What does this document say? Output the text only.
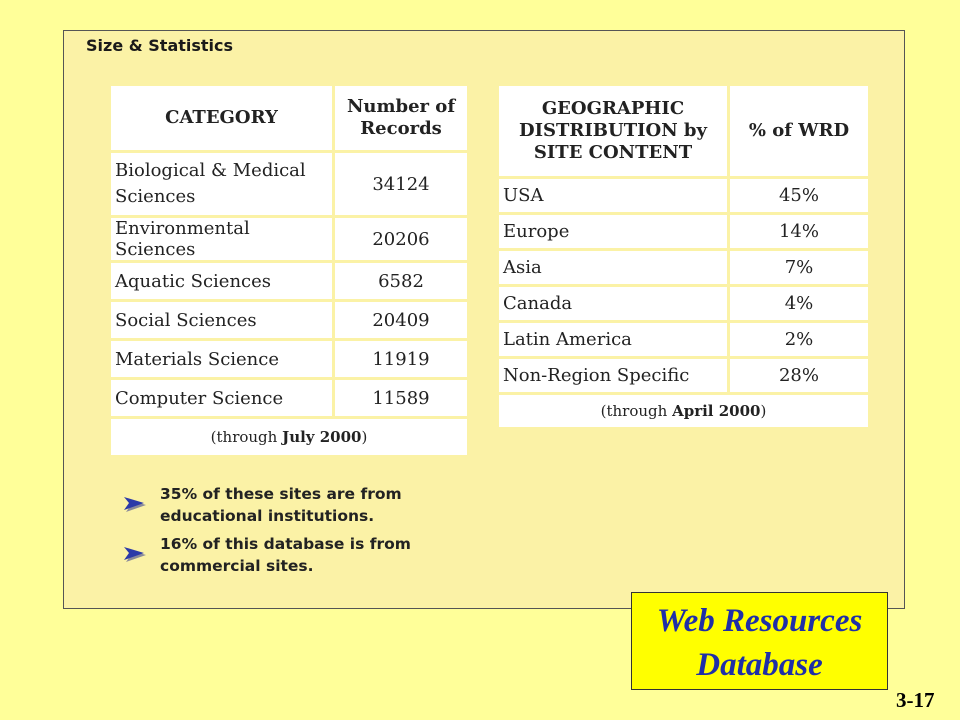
Size & Statistics
CATEGORY	Number of Records
Biological & Medical Sciences	34124
Environmental Sciences	20206
Aquatic Sciences	6582
Social Sciences	20409
Materials Science	11919
Computer Science	11589
(through July 2000)	
GEOGRAPHIC DISTRIBUTION by SITE CONTENT	% of WRD
USA	45%
Europe	14%
Asia	7%
Canada	4%
Latin America	2%
Non-Region Specific	28%
(through April 2000)	
35% of these sites are from educational institutions.
16% of this database is from commercial sites.
Web Resources
Database
3-17
